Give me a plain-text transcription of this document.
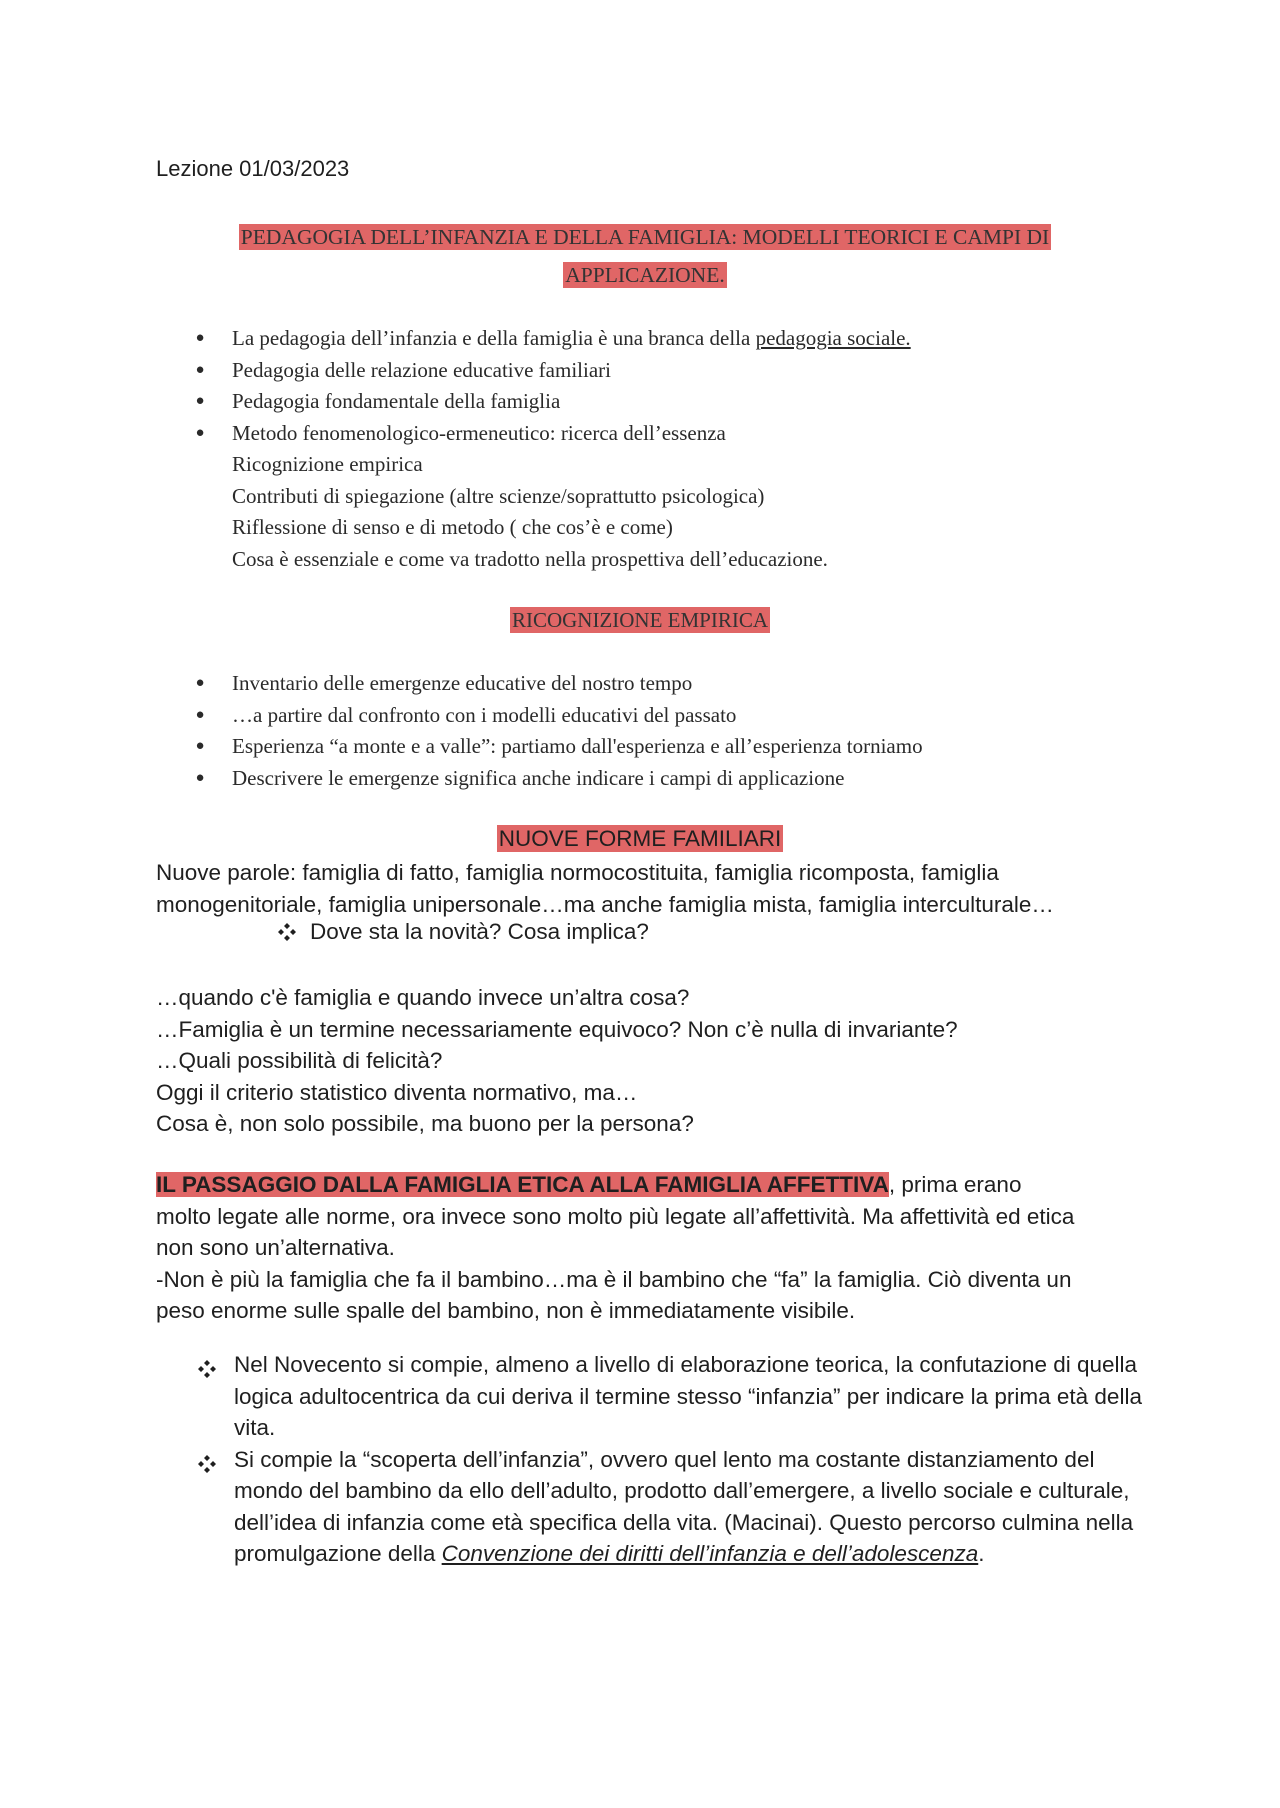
Lezione 01/03/2023
PEDAGOGIA DELL’INFANZIA E DELLA FAMIGLIA: MODELLI TEORICI E CAMPI DI
APPLICAZIONE.
● La pedagogia dell’infanzia e della famiglia è una branca della pedagogia sociale.
● Pedagogia delle relazione educative familiari
● Pedagogia fondamentale della famiglia
● Metodo fenomenologico-ermeneutico: ricerca dell’essenza
Ricognizione empirica
Contributi di spiegazione (altre scienze/soprattutto psicologica)
Riflessione di senso e di metodo ( che cos’è e come)
Cosa è essenziale e come va tradotto nella prospettiva dell’educazione.
RICOGNIZIONE EMPIRICA
● Inventario delle emergenze educative del nostro tempo
● …a partire dal confronto con i modelli educativi del passato
● Esperienza “a monte e a valle”: partiamo dall'esperienza e all’esperienza torniamo
● Descrivere le emergenze significa anche indicare i campi di applicazione
NUOVE FORME FAMILIARI

Nuove parole: famiglia di fatto, famiglia normocostituita, famiglia ricomposta, famiglia

monogenitoriale, famiglia unipersonale…ma anche famiglia mista, famiglia interculturale…

Dove sta la novità? Cosa implica?

…quando c'è famiglia e quando invece un’altra cosa?

…Famiglia è un termine necessariamente equivoco? Non c’è nulla di invariante?

…Quali possibilità di felicità?

Oggi il criterio statistico diventa normativo, ma…

Cosa è, non solo possibile, ma buono per la persona?

IL PASSAGGIO DALLA FAMIGLIA ETICA ALLA FAMIGLIA AFFETTIVA, prima erano

molto legate alle norme, ora invece sono molto più legate all’affettività. Ma affettività ed etica

non sono un’alternativa.

-Non è più la famiglia che fa il bambino…ma è il bambino che “fa” la famiglia. Ciò diventa un

peso enorme sulle spalle del bambino, non è immediatamente visibile.

Nel Novecento si compie, almeno a livello di elaborazione teorica, la confutazione di quella logica adultocentrica da cui deriva il termine stesso “infanzia” per indicare la prima età della vita.
Si compie la “scoperta dell’infanzia”, ovvero quel lento ma costante distanziamento del mondo del bambino da ello dell’adulto, prodotto dall’emergere, a livello sociale e culturale, dell’idea di infanzia come età specifica della vita. (Macinai). Questo percorso culmina nella promulgazione della Convenzione dei diritti dell’infanzia e dell’adolescenza.
